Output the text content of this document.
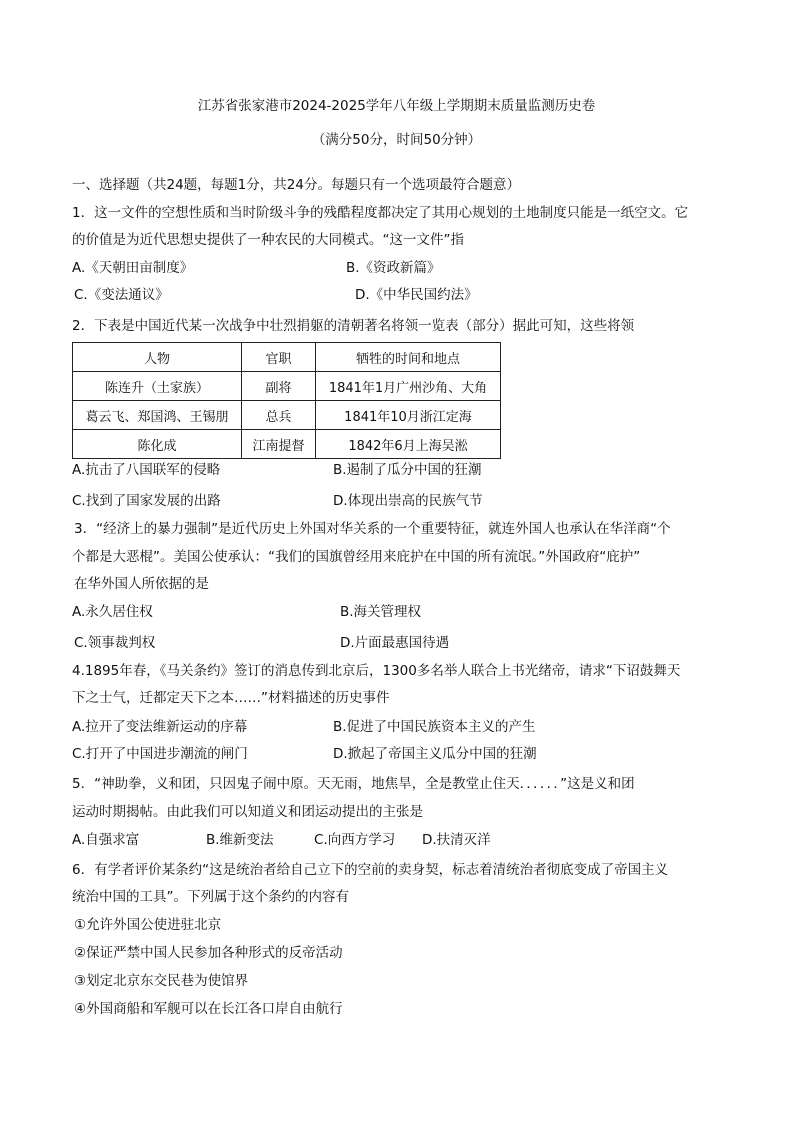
江苏省张家港市2024-2025学年八年级上学期期末质量监测历史卷
（满分50分，时间50分钟）
一、选择题（共24题，每题1分，共24分。每题只有一个选项最符合题意）
1．这一文件的空想性质和当时阶级斗争的残酷程度都决定了其用心规划的土地制度只能是一纸空文。它
的价值是为近代思想史提供了一种农民的大同模式。“这一文件”指
A.《天朝田亩制度》	B.《资政新篇》
C.《变法通议》	D.《中华民国约法》
2．下表是中国近代某一次战争中壮烈捐躯的清朝著名将领一览表（部分）据此可知，这些将领
人物	官职	牺牲的时间和地点
陈连升（土家族）	副将	1841年1月广州沙角、大角
葛云飞、郑国鸿、王锡朋	总兵	1841年10月浙江定海
陈化成	江南提督	1842年6月上海吴淞
A.抗击了八国联军的侵略	B.遏制了瓜分中国的狂潮
C.找到了国家发展的出路	D.体现出崇高的民族气节
3．“经济上的暴力强制”是近代历史上外国对华关系的一个重要特征，就连外国人也承认在华洋商“个
个都是大恶棍”。美国公使承认：“我们的国旗曾经用来庇护在中国的所有流氓。”外国政府“庇护”
在华外国人所依据的是
A.永久居住权	B.海关管理权
C.领事裁判权	D.片面最惠国待遇
4.1895年春，《马关条约》签订的消息传到北京后，1300多名举人联合上书光绪帝，请求“下诏鼓舞天
下之士气，迁都定天下之本……”材料描述的历史事件
A.拉开了变法维新运动的序幕	B.促进了中国民族资本主义的产生
C.打开了中国进步潮流的闸门	D.掀起了帝国主义瓜分中国的狂潮
5．“神助拳，义和团，只因鬼子闹中原。天无雨，地焦旱，全是教堂止住天．．．．．．”这是义和团
运动时期揭帖。由此我们可以知道义和团运动提出的主张是
A.自强求富	B.维新变法	C.向西方学习 D.扶清灭洋
6．有学者评价某条约“这是统治者给自己立下的空前的卖身契，标志着清统治者彻底变成了帝国主义
统治中国的工具”。下列属于这个条约的内容有
①允许外国公使进驻北京
②保证严禁中国人民参加各种形式的反帝活动
③划定北京东交民巷为使馆界
④外国商船和军舰可以在长江各口岸自由航行
